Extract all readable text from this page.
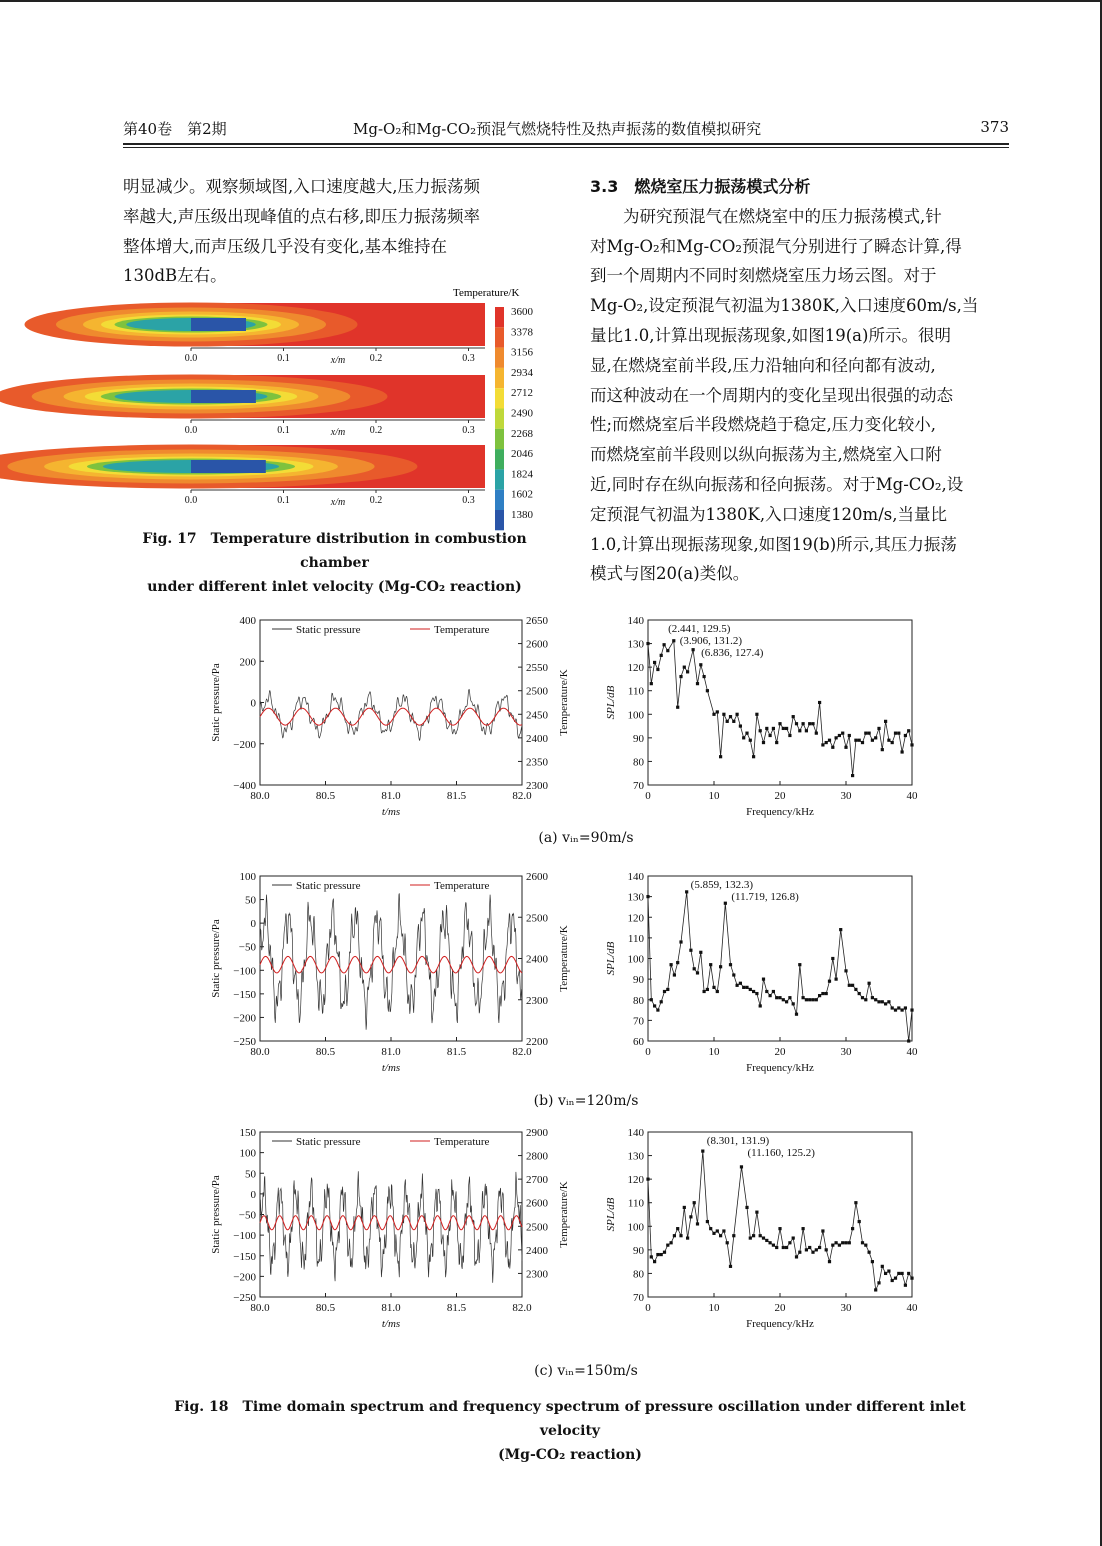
第40卷　第2期	Mg-O₂和Mg-CO₂预混气燃烧特性及热声振荡的数值模拟研究	373

明显减少。观察频域图,入口速度越大,压力振荡频

率越大,声压级出现峰值的点右移,即压力振荡频率

整体增大,而声压级几乎没有变化,基本维持在

130dB左右。

3.3　燃烧室压力振荡模式分析

为研究预混气在燃烧室中的压力振荡模式,针

对Mg-O₂和Mg-CO₂预混气分别进行了瞬态计算,得

到一个周期内不同时刻燃烧室压力场云图。对于

Mg-O₂,设定预混气初温为1380K,入口速度60m/s,当

量比1.0,计算出现振荡现象,如图19(a)所示。很明

显,在燃烧室前半段,压力沿轴向和径向都有波动,

而这种波动在一个周期内的变化呈现出很强的动态

性;而燃烧室后半段燃烧趋于稳定,压力变化较小,

而燃烧室前半段则以纵向振荡为主,燃烧室入口附

近,同时存在纵向振荡和径向振荡。对于Mg-CO₂,设

定预混气初温为1380K,入口速度120m/s,当量比

1.0,计算出现振荡现象,如图19(b)所示,其压力振荡

模式与图20(a)类似。

Temperature/K
3600
3378
3156
2934
2712
2490
2268
2046
1824
1602
1380
0.0	0.1	0.2	0.3
x/m
0.0	0.1	0.2	0.3
x/m
0.0	0.1	0.2	0.3
x/m
Fig. 17　Temperature distribution in combustion chamber
under different inlet velocity (Mg-CO₂ reaction)
80.0	80.5	81.0	81.5	82.0
−400
−200
0
200
400
2300
2350
2400
2450
2500
2550
2600
2650
t/ms
Static pressure/Pa	Temperature/K
Static pressure	Temperature
0	10	20	30	40
70
80
90
100
110
120
130
140
Frequency/kHz
SPL/dB
(2.441, 129.5)
(3.906, 131.2)
(6.836, 127.4)
(a) vᵢₙ=90m/s
80.0	80.5	81.0	81.5	82.0
−250
−200
−150
−100
−50
0
50
100
2200
2300
2400
2500
2600
t/ms
Static pressure/Pa	Temperature/K
Static pressure	Temperature
0	10	20	30	40
60
70
80
90
100
110
120
130
140
Frequency/kHz
SPL/dB
(5.859, 132.3)
(11.719, 126.8)
(b) vᵢₙ=120m/s
80.0	80.5	81.0	81.5	82.0
−250
−200
−150
−100
−50
0
50
100
150
2300
2400
2500
2600
2700
2800
2900
t/ms
Static pressure/Pa	Temperature/K
Static pressure	Temperature
0	10	20	30	40
70
80
90
100
110
120
130
140
Frequency/kHz
SPL/dB
(8.301, 131.9)
(11.160, 125.2)
(c) vᵢₙ=150m/s
Fig. 18　Time domain spectrum and frequency spectrum of pressure oscillation under different inlet velocity
(Mg-CO₂ reaction)
